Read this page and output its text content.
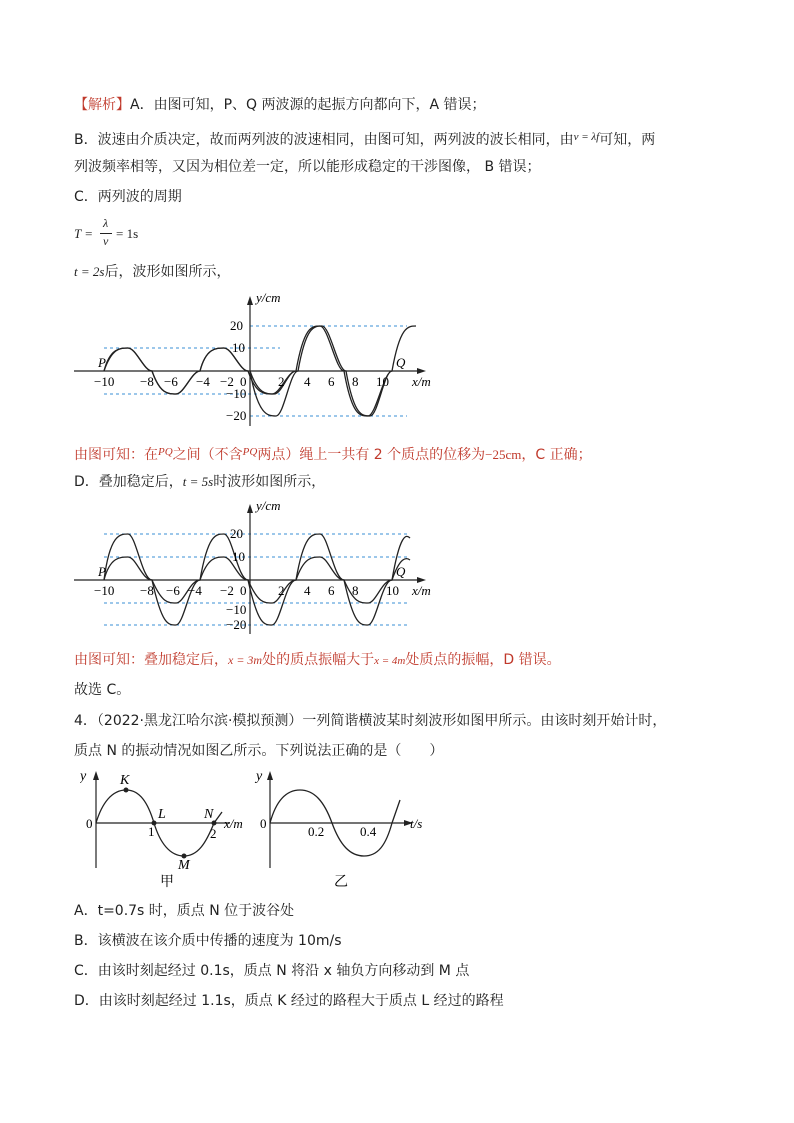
【解析】A．由图可知，P、Q 两波源的起振方向都向下，A 错误；
B．波速由介质决定，故而两列波的波速相同，由图可知，两列波的波长相同，由$^{v = \lambda f}$可知，两
列波频率相等，又因为相位差一定，所以能形成稳定的干涉图像， B 错误；
C．两列波的周期
T =
λ
v = 1s
t = 2s后，波形如图所示，
y/cm
x/m
20
10
−10
−20
−10 −8 −6 −4 −2 0 2 4 6 8 10
P	Q
由图可知：在$^{PQ}$之间（不含$^{PQ}$两点）绳上一共有 2 个质点的位移为−25cm，C 正确；
D．叠加稳定后，t = 5s时波形如图所示，
y/cm
x/m
20
10
−10
−20
−10 −8 −6 −4 −2 0 2 4 6 8 10
P	Q
由图可知：叠加稳定后，x = 3m处的质点振幅大于x = 4m处质点的振幅，D 错误。
故选 C。
4．（2022·黑龙江哈尔滨·模拟预测）一列简谐横波某时刻波形如图甲所示。由该时刻开始计时，
质点 N 的振动情况如图乙所示。下列说法正确的是（　　）
y
0
K
L
1
M
N
2
x/m
甲
y
0
0.2	0.4
t/s
乙
A．t=0.7s 时，质点 N 位于波谷处
B．该横波在该介质中传播的速度为 10m/s
C．由该时刻起经过 0.1s，质点 N 将沿 x 轴负方向移动到 M 点
D．由该时刻起经过 1.1s，质点 K 经过的路程大于质点 L 经过的路程
